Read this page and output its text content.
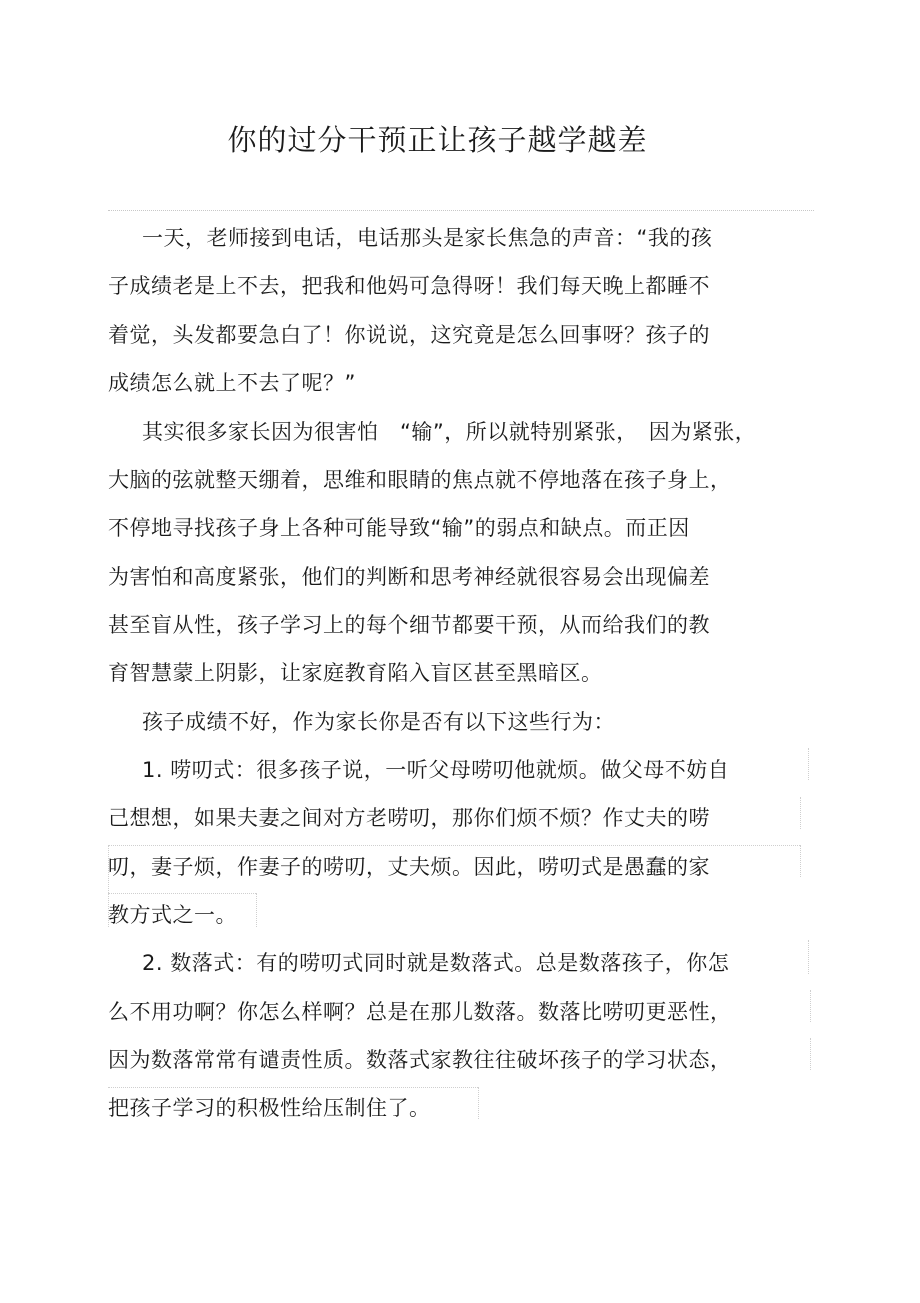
你的过分干预正让孩子越学越差
一天，老师接到电话，电话那头是家长焦急的声音：“我的孩
子成绩老是上不去，把我和他妈可急得呀！我们每天晚上都睡不
着觉，头发都要急白了！你说说，这究竟是怎么回事呀？孩子的
成绩怎么就上不去了呢？”
其实很多家长因为很害怕　“输”，所以就特别紧张，　因为紧张，
大脑的弦就整天绷着，思维和眼睛的焦点就不停地落在孩子身上，
不停地寻找孩子身上各种可能导致“输”的弱点和缺点。而正因
为害怕和高度紧张，他们的判断和思考神经就很容易会出现偏差
甚至盲从性，孩子学习上的每个细节都要干预，从而给我们的教
育智慧蒙上阴影，让家庭教育陷入盲区甚至黑暗区。
孩子成绩不好，作为家长你是否有以下这些行为：
1. 唠叨式：很多孩子说，一听父母唠叨他就烦。做父母不妨自
己想想，如果夫妻之间对方老唠叨，那你们烦不烦？作丈夫的唠
叨，妻子烦，作妻子的唠叨，丈夫烦。因此，唠叨式是愚蠢的家
教方式之一。
2. 数落式：有的唠叨式同时就是数落式。总是数落孩子，你怎
么不用功啊？你怎么样啊？总是在那儿数落。数落比唠叨更恶性，
因为数落常常有谴责性质。数落式家教往往破坏孩子的学习状态，
把孩子学习的积极性给压制住了。
